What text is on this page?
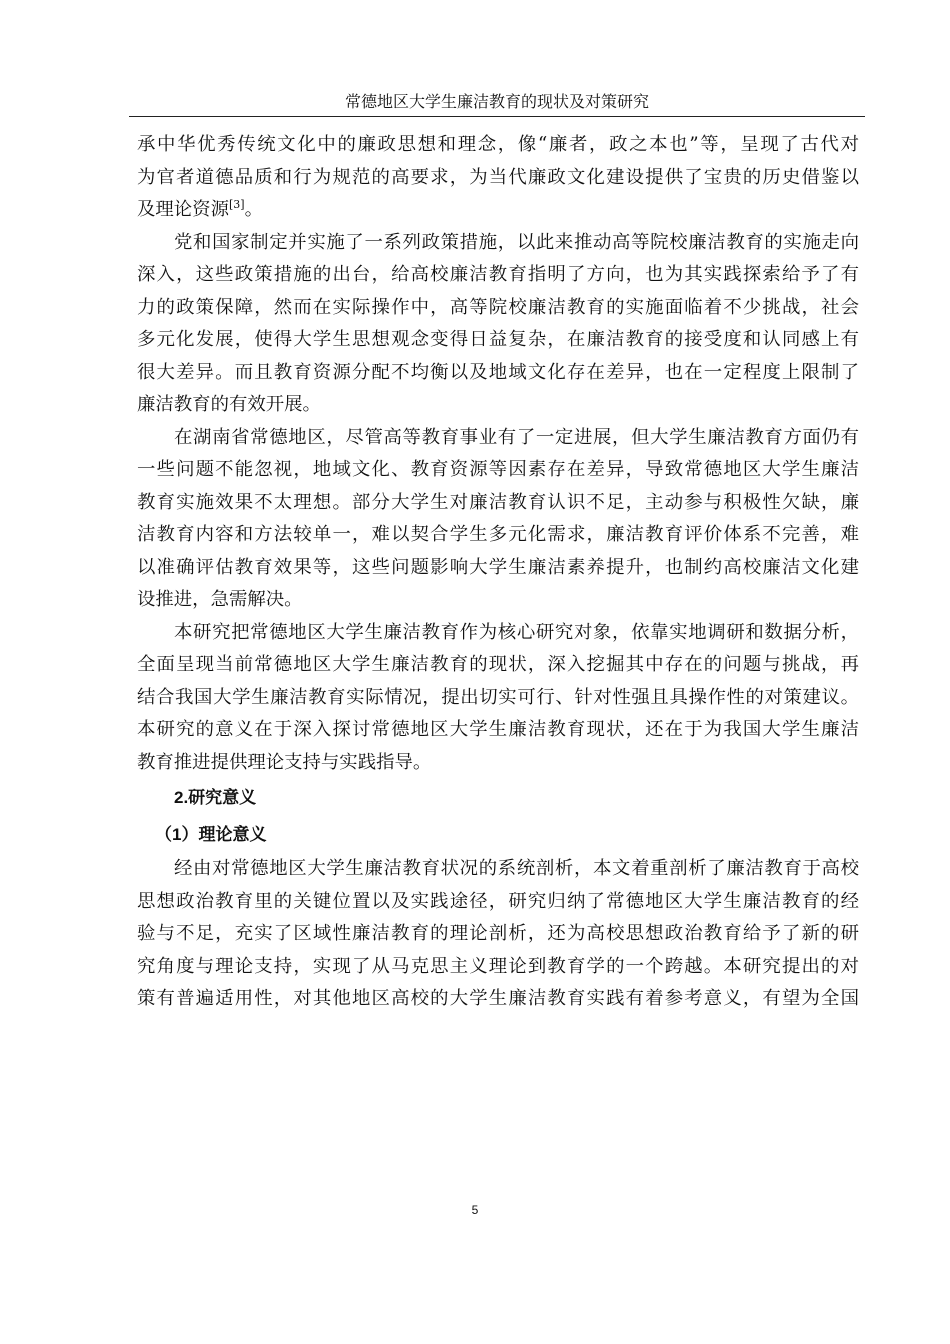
常德地区大学生廉洁教育的现状及对策研究
承中华优秀传统文化中的廉政思想和理念，像“廉者，政之本也”等，呈现了古代对
为官者道德品质和行为规范的高要求，为当代廉政文化建设提供了宝贵的历史借鉴以
及理论资源[3]。
党和国家制定并实施了一系列政策措施，以此来推动高等院校廉洁教育的实施走向
深入，这些政策措施的出台，给高校廉洁教育指明了方向，也为其实践探索给予了有
力的政策保障，然而在实际操作中，高等院校廉洁教育的实施面临着不少挑战，社会
多元化发展，使得大学生思想观念变得日益复杂，在廉洁教育的接受度和认同感上有
很大差异。而且教育资源分配不均衡以及地域文化存在差异，也在一定程度上限制了
廉洁教育的有效开展。
在湖南省常德地区，尽管高等教育事业有了一定进展，但大学生廉洁教育方面仍有
一些问题不能忽视，地域文化、教育资源等因素存在差异，导致常德地区大学生廉洁
教育实施效果不太理想。部分大学生对廉洁教育认识不足，主动参与积极性欠缺，廉
洁教育内容和方法较单一，难以契合学生多元化需求，廉洁教育评价体系不完善，难
以准确评估教育效果等，这些问题影响大学生廉洁素养提升，也制约高校廉洁文化建
设推进，急需解决。
本研究把常德地区大学生廉洁教育作为核心研究对象，依靠实地调研和数据分析，
全面呈现当前常德地区大学生廉洁教育的现状，深入挖掘其中存在的问题与挑战，再
结合我国大学生廉洁教育实际情况，提出切实可行、针对性强且具操作性的对策建议。
本研究的意义在于深入探讨常德地区大学生廉洁教育现状，还在于为我国大学生廉洁
教育推进提供理论支持与实践指导。
2.研究意义
（1）理论意义
经由对常德地区大学生廉洁教育状况的系统剖析，本文着重剖析了廉洁教育于高校
思想政治教育里的关键位置以及实践途径，研究归纳了常德地区大学生廉洁教育的经
验与不足，充实了区域性廉洁教育的理论剖析，还为高校思想政治教育给予了新的研
究角度与理论支持，实现了从马克思主义理论到教育学的一个跨越。本研究提出的对
策有普遍适用性，对其他地区高校的大学生廉洁教育实践有着参考意义，有望为全国
5
